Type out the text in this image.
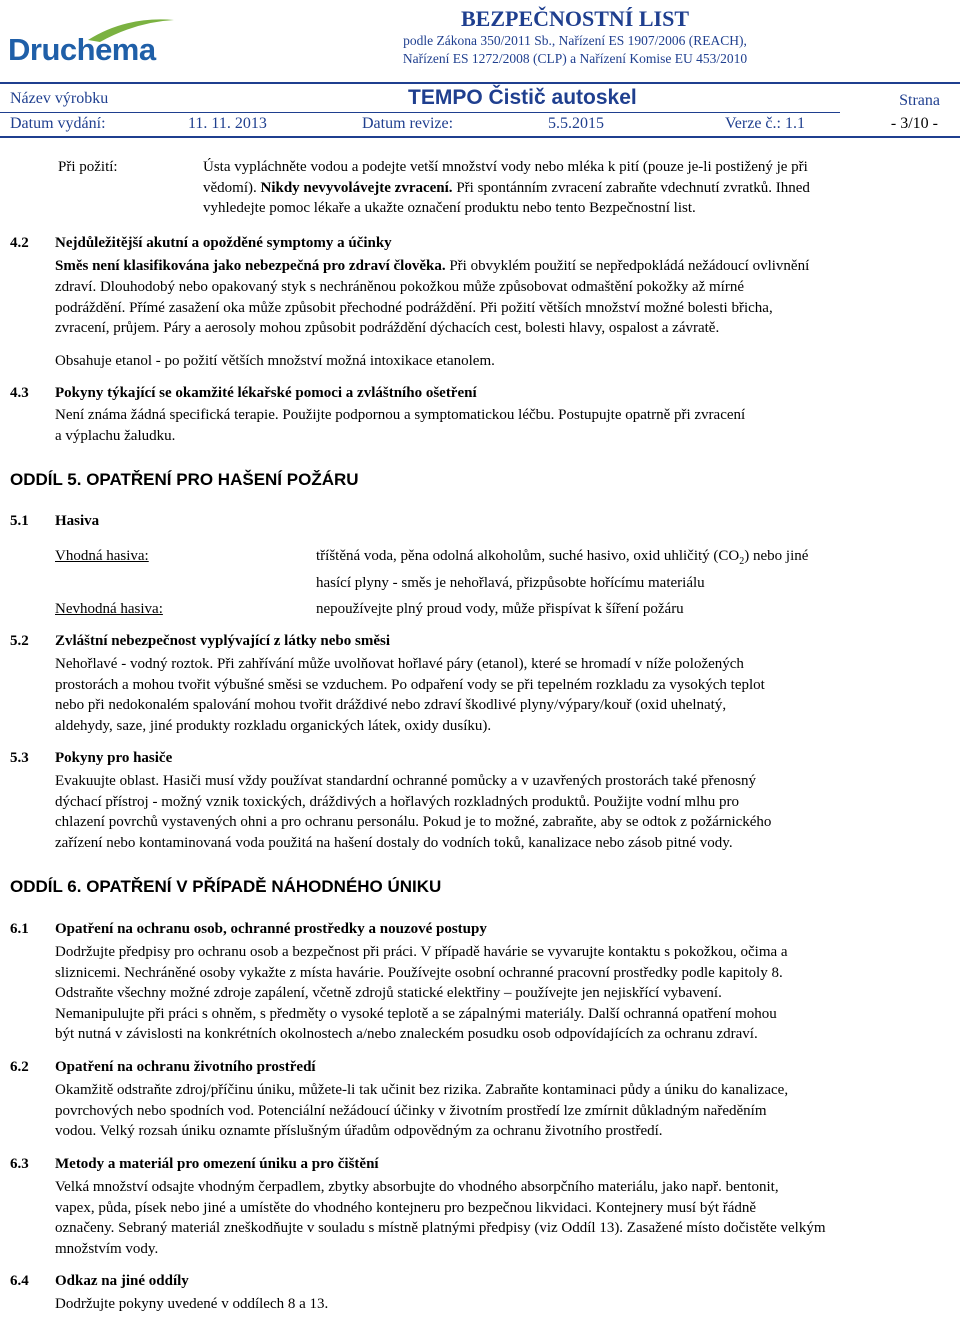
Druchema
BEZPEČNOSTNÍ LIST
podle Zákona 350/2011 Sb., Nařízení ES 1907/2006 (REACH),
Nařízení ES 1272/2008 (CLP) a Nařízení Komise EU 453/2010
Název výrobku	TEMPO Čistič autoskel	Strana
Datum vydání:	11. 11. 2013	Datum revize:	5.5.2015	Verze č.: 1.1	- 3/10 -
Při požití:	Ústa vypláchněte vodou a podejte vetší množství vody nebo mléka k pití (pouze je-li postižený je při
vědomí). Nikdy nevyvolávejte zvracení. Při spontánním zvracení zabraňte vdechnutí zvratků. Ihned
vyhledejte pomoc lékaře a ukažte označení produktu nebo tento Bezpečnostní list.
4.2 Nejdůležitější akutní a opožděné symptomy a účinky
Směs není klasifikována jako nebezpečná pro zdraví člověka. Při obvyklém použití se nepředpokládá nežádoucí ovlivnění
zdraví. Dlouhodobý nebo opakovaný styk s nechráněnou pokožkou může způsobovat odmaštění pokožky až mírné
podráždění. Přímé zasažení oka může způsobit přechodné podráždění. Při požití větších množství možné bolesti břicha,
zvracení, průjem. Páry a aerosoly mohou způsobit podráždění dýchacích cest, bolesti hlavy, ospalost a závratě.
Obsahuje etanol - po požití větších množství možná intoxikace etanolem.
4.3 Pokyny týkající se okamžité lékařské pomoci a zvláštního ošetření
Není známa žádná specifická terapie. Použijte podpornou a symptomatickou léčbu. Postupujte opatrně při zvracení
a výplachu žaludku.
ODDÍL 5. OPATŘENÍ PRO HAŠENÍ POŽÁRU
5.1 Hasiva
Vhodná hasiva:	tříštěná voda, pěna odolná alkoholům, suché hasivo, oxid uhličitý $(CO_2)$ nebo jiné
hasící plyny - směs je nehořlavá, přizpůsobte hořícímu materiálu
Nevhodná hasiva:	nepoužívejte plný proud vody, může přispívat k šíření požáru
5.2 Zvláštní nebezpečnost vyplývající z látky nebo směsi
Nehořlavé - vodný roztok. Při zahřívání může uvolňovat hořlavé páry (etanol), které se hromadí v níže položených
prostorách a mohou tvořit výbušné směsi se vzduchem. Po odpaření vody se při tepelném rozkladu za vysokých teplot
nebo při nedokonalém spalování mohou tvořit dráždivé nebo zdraví škodlivé plyny/výpary/kouř (oxid uhelnatý,
aldehydy, saze, jiné produkty rozkladu organických látek, oxidy dusíku).
5.3 Pokyny pro hasiče
Evakuujte oblast. Hasiči musí vždy používat standardní ochranné pomůcky a v uzavřených prostorách také přenosný
dýchací přístroj - možný vznik toxických, dráždivých a hořlavých rozkladných produktů. Použijte vodní mlhu pro
chlazení povrchů vystavených ohni a pro ochranu personálu. Pokud je to možné, zabraňte, aby se odtok z požárnického
zařízení nebo kontaminovaná voda použitá na hašení dostaly do vodních toků, kanalizace nebo zásob pitné vody.
ODDÍL 6. OPATŘENÍ V PŘÍPADĚ NÁHODNÉHO ÚNIKU
6.1 Opatření na ochranu osob, ochranné prostředky a nouzové postupy
Dodržujte předpisy pro ochranu osob a bezpečnost při práci. V případě havárie se vyvarujte kontaktu s pokožkou, očima a
sliznicemi. Nechráněné osoby vykažte z místa havárie. Používejte osobní ochranné pracovní prostředky podle kapitoly 8.
Odstraňte všechny možné zdroje zapálení, včetně zdrojů statické elektřiny – používejte jen nejiskřící vybavení.
Nemanipulujte při práci s ohněm, s předměty o vysoké teplotě a se zápalnými materiály. Další ochranná opatření mohou
být nutná v závislosti na konkrétních okolnostech a/nebo znaleckém posudku osob odpovídajících za ochranu zdraví.
6.2 Opatření na ochranu životního prostředí
Okamžitě odstraňte zdroj/příčinu úniku, můžete-li tak učinit bez rizika. Zabraňte kontaminaci půdy a úniku do kanalizace,
povrchových nebo spodních vod. Potenciální nežádoucí účinky v životním prostředí lze zmírnit důkladným naředěním
vodou. Velký rozsah úniku oznamte příslušným úřadům odpovědným za ochranu životního prostředí.
6.3 Metody a materiál pro omezení úniku a pro čištění
Velká množství odsajte vhodným čerpadlem, zbytky absorbujte do vhodného absorpčního materiálu, jako např. bentonit,
vapex, půda, písek nebo jiné a umístěte do vhodného kontejneru pro bezpečnou likvidaci. Kontejnery musí být řádně
označeny. Sebraný materiál zneškodňujte v souladu s místně platnými předpisy (viz Oddíl 13). Zasažené místo dočistěte velkým
množstvím vody.
6.4 Odkaz na jiné oddíly
Dodržujte pokyny uvedené v oddílech 8 a 13.
